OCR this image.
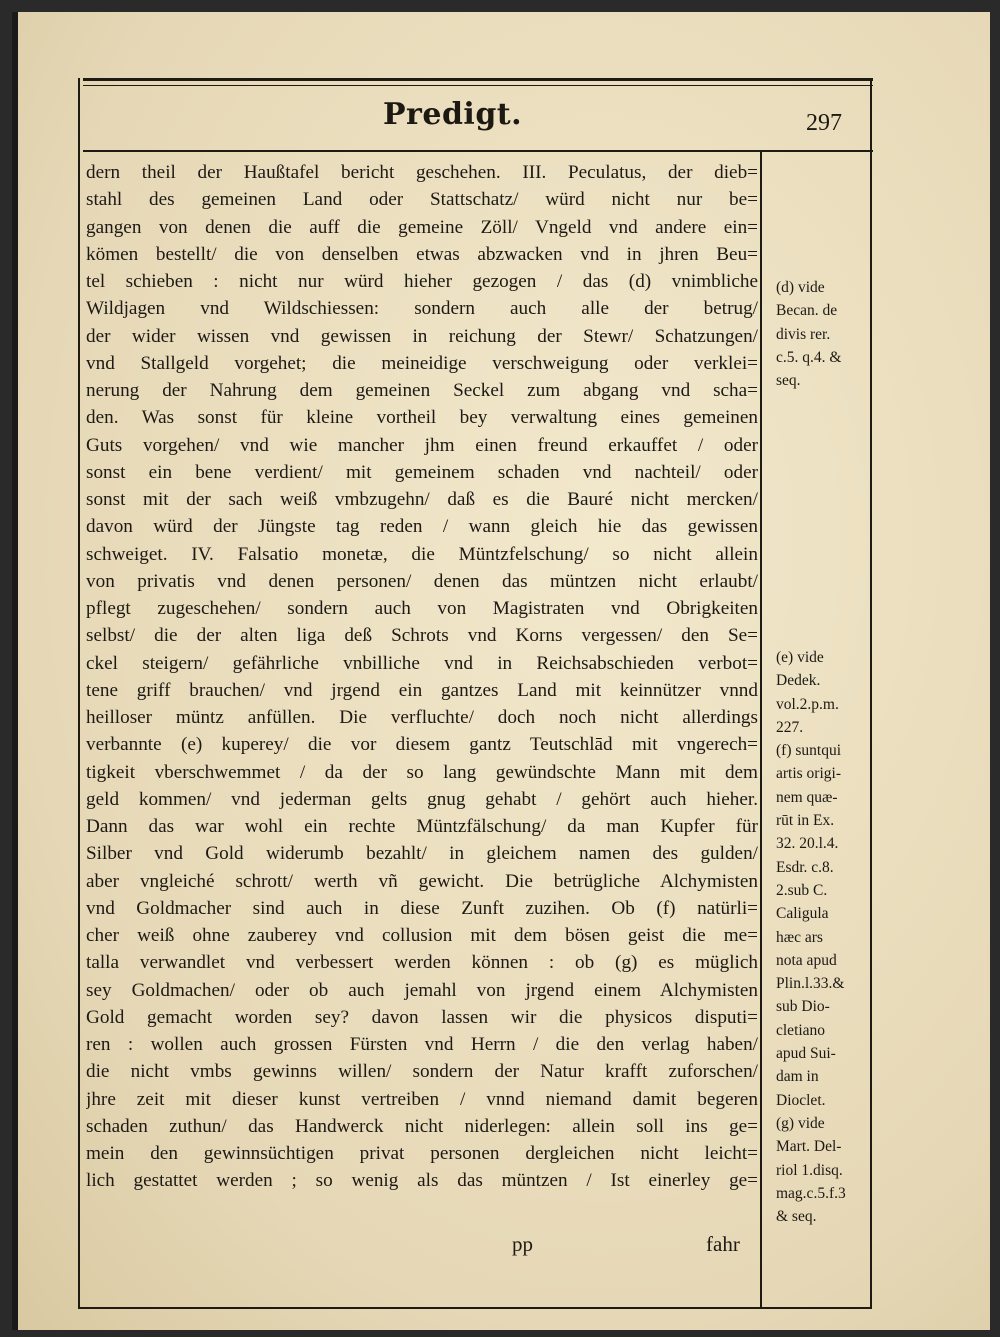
Predigt.	297
dern theil der Haußtafel bericht geschehen. III. Peculatus, der dieb=
stahl des gemeinen Land oder Stattschatz/ würd nicht nur be=
gangen von denen die auff die gemeine Zöll/ Vngeld vnd andere ein=
kömen bestellt/ die von denselben etwas abzwacken vnd in jhren Beu=
tel schieben : nicht nur würd hieher gezogen / das (d) vnimbliche
Wildjagen vnd Wildschiessen: sondern auch alle der betrug/
der wider wissen vnd gewissen in reichung der Stewr/ Schatzungen/
vnd Stallgeld vorgehet; die meineidige verschweigung oder verklei=
nerung der Nahrung dem gemeinen Seckel zum abgang vnd scha=
den. Was sonst für kleine vortheil bey verwaltung eines gemeinen
Guts vorgehen/ vnd wie mancher jhm einen freund erkauffet / oder
sonst ein bene verdient/ mit gemeinem schaden vnd nachteil/ oder
sonst mit der sach weiß vmbzugehn/ daß es die Bauré nicht mercken/
davon würd der Jüngste tag reden / wann gleich hie das gewissen
schweiget. IV. Falsatio monetæ, die Müntzfelschung/ so nicht allein
von privatis vnd denen personen/ denen das müntzen nicht erlaubt/
pflegt zugeschehen/ sondern auch von Magistraten vnd Obrigkeiten
selbst/ die der alten liga deß Schrots vnd Korns vergessen/ den Se=
ckel steigern/ gefährliche vnbilliche vnd in Reichsabschieden verbot=
tene griff brauchen/ vnd jrgend ein gantzes Land mit keinnützer vnnd
heilloser müntz anfüllen. Die verfluchte/ doch noch nicht allerdings
verbannte (e) kuperey/ die vor diesem gantz Teutschlād mit vngerech=
tigkeit vberschwemmet / da der so lang gewündschte Mann mit dem
geld kommen/ vnd jederman gelts gnug gehabt / gehört auch hieher.
Dann das war wohl ein rechte Müntzfälschung/ da man Kupfer für
Silber vnd Gold widerumb bezahlt/ in gleichem namen des gulden/
aber vngleiché schrott/ werth vñ gewicht. Die betrügliche Alchymisten
vnd Goldmacher sind auch in diese Zunft zuzihen. Ob (f) natürli=
cher weiß ohne zauberey vnd collusion mit dem bösen geist die me=
talla verwandlet vnd verbessert werden können : ob (g) es müglich
sey Goldmachen/ oder ob auch jemahl von jrgend einem Alchymisten
Gold gemacht worden sey? davon lassen wir die physicos disputi=
ren : wollen auch grossen Fürsten vnd Herrn / die den verlag haben/
die nicht vmbs gewinns willen/ sondern der Natur krafft zuforschen/
jhre zeit mit dieser kunst vertreiben / vnnd niemand damit begeren
schaden zuthun/ das Handwerck nicht niderlegen: allein soll ins ge=
mein den gewinnsüchtigen privat personen dergleichen nicht leicht=
lich gestattet werden ; so wenig als das müntzen / Ist einerley ge=
(d) vide
Becan. de
divis rer.
c.5. q.4. &
seq.
(e) vide
Dedek.
vol.2.p.m.
227.
(f) suntqui
artis origi-
nem quæ-
rūt in Ex.
32. 20.l.4.
Esdr. c.8.
2.sub C.
Caligula
hæc ars
nota apud
Plin.l.33.&
sub Dio-
cletiano
apud Sui-
dam in
Dioclet.
(g) vide
Mart. Del-
riol 1.disq.
mag.c.5.f.3
& seq.
pp	fahr
